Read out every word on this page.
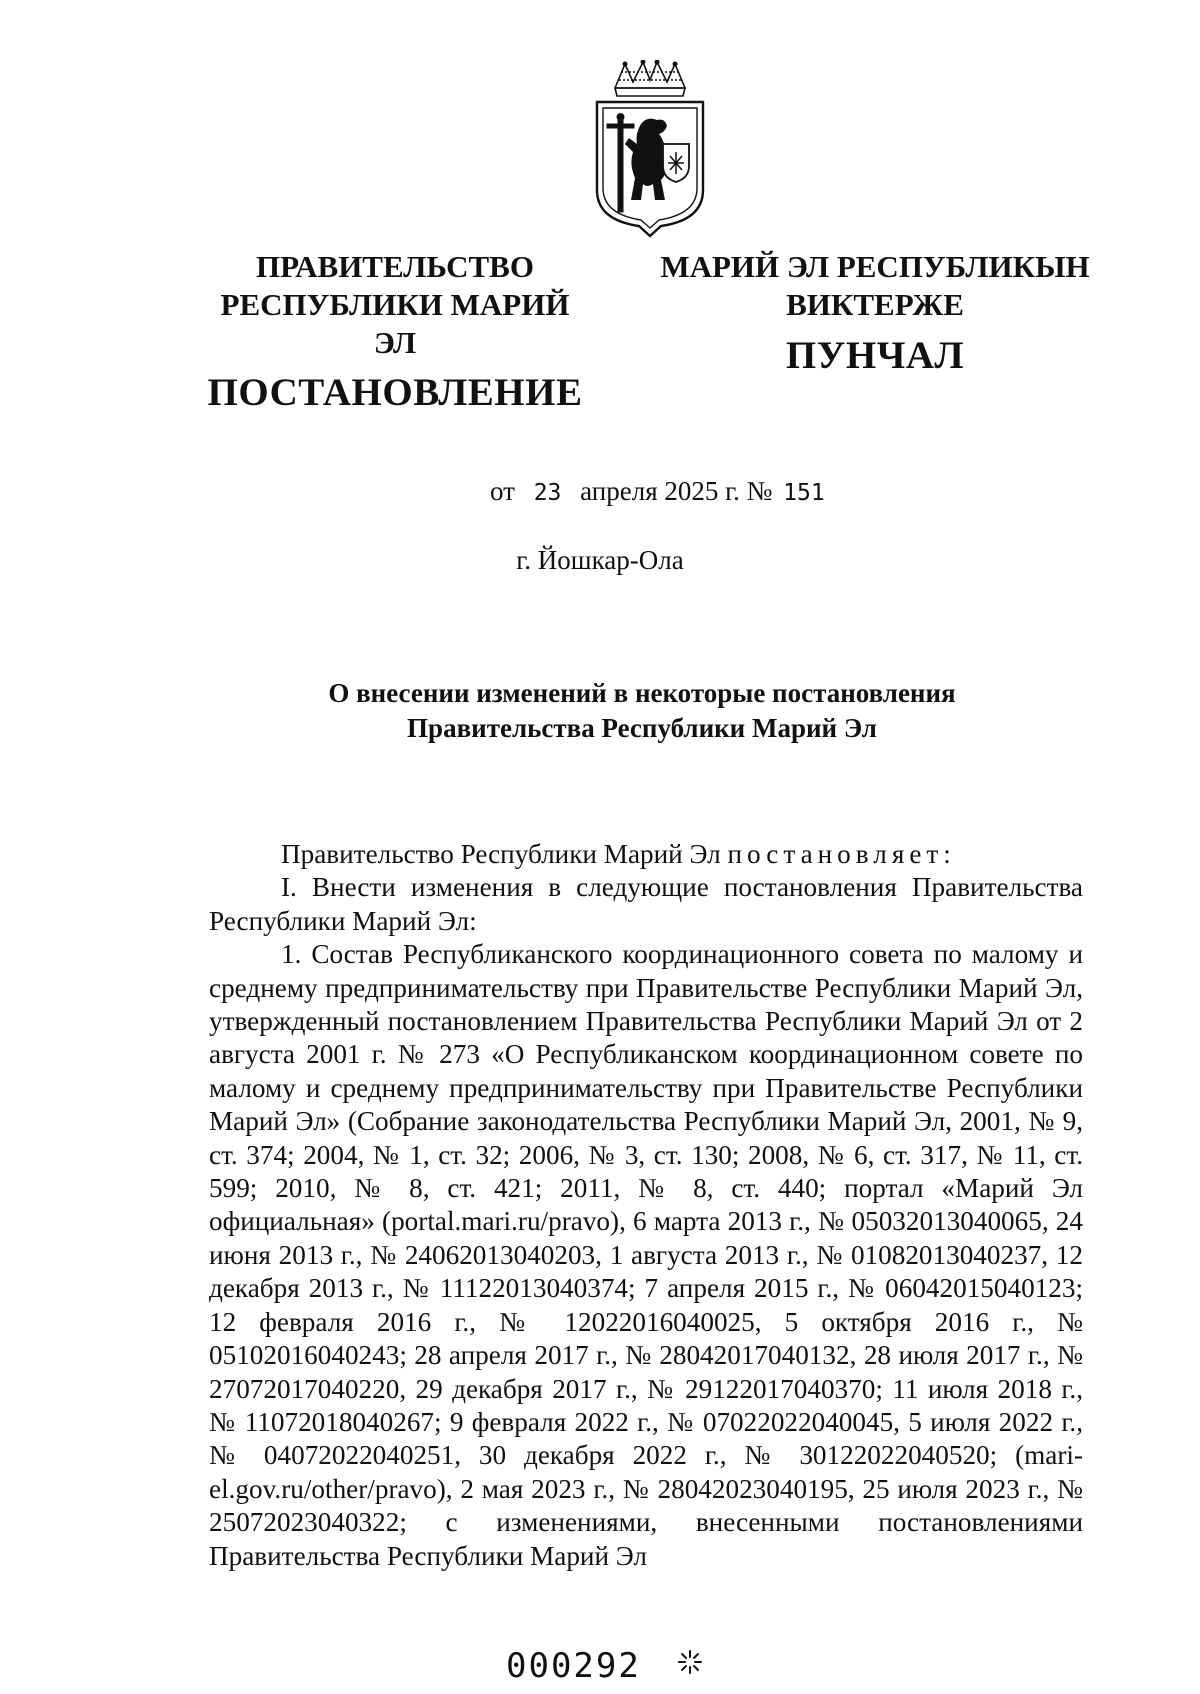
ПРАВИТЕЛЬСТВО
РЕСПУБЛИКИ МАРИЙ ЭЛ
ПОСТАНОВЛЕНИЕ
МАРИЙ ЭЛ РЕСПУБЛИКЫН
ВИКТЕРЖЕ
ПУНЧАЛ
от 23 апреля 2025 г. № 151
г. Йошкар-Ола
О внесении изменений в некоторые постановления
Правительства Республики Марий Эл

Правительство Республики Марий Эл постановляет:

I. Внести изменения в следующие постановления Правительства Республики Марий Эл:

1. Состав Республиканского координационного совета по малому и среднему предпринимательству при Правительстве Республики Марий Эл, утвержденный постановлением Правительства Республики Марий Эл от 2 августа 2001 г. № 273 «О Республиканском координационном совете по малому и среднему предпринимательству при Правительстве Республики Марий Эл» (Собрание законодательства Республики Марий Эл, 2001, № 9, ст. 374; 2004, № 1, ст. 32; 2006, № 3, ст. 130; 2008, № 6, ст. 317, № 11, ст. 599; 2010, № 8, ст. 421; 2011, № 8, ст. 440; портал «Марий Эл официальная» (portal.mari.ru/pravo), 6 марта 2013 г., № 05032013040065, 24 июня 2013 г., № 24062013040203, 1 августа 2013 г., № 01082013040237, 12 декабря 2013 г., № 11122013040374; 7 апреля 2015 г., № 06042015040123; 12 февраля 2016 г., № 12022016040025, 5 октября 2016 г., № 05102016040243; 28 апреля 2017 г., № 28042017040132, 28 июля 2017 г., № 27072017040220, 29 декабря 2017 г., № 29122017040370; 11 июля 2018 г., № 11072018040267; 9 февраля 2022 г., № 07022022040045, 5 июля 2022 г., № 04072022040251, 30 декабря 2022 г., № 30122022040520; (mari-el.gov.ru/other/pravo), 2 мая 2023 г., № 28042023040195, 25 июля 2023 г., № 25072023040322; с изменениями, внесенными постановлениями Правительства Республики Марий Эл

000292
